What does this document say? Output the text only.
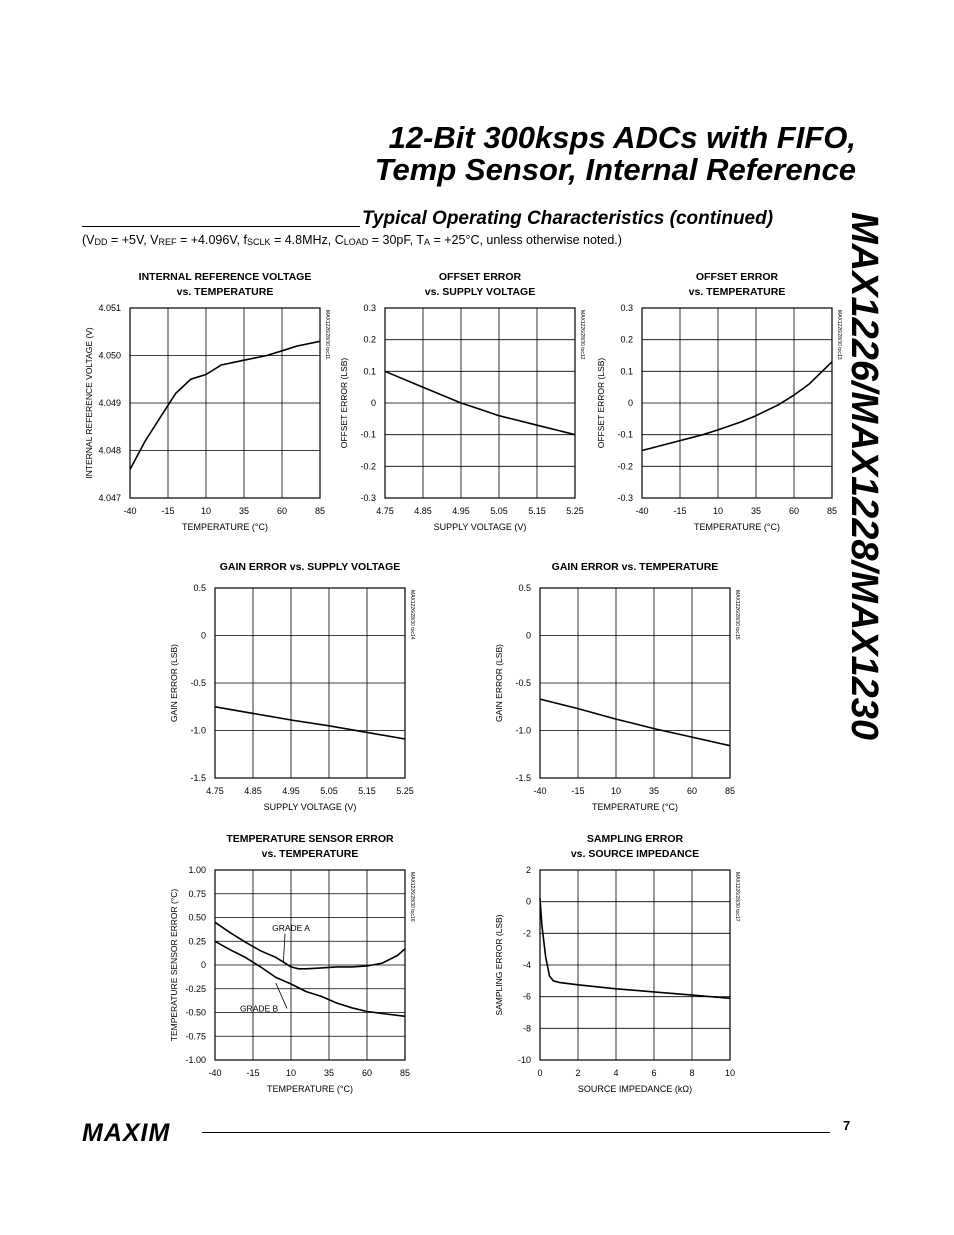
12-Bit 300ksps ADCs with FIFO,
Temp Sensor, Internal Reference
MAX1226/MAX1228/MAX1230
Typical Operating Characteristics (continued)
($V_{DD} = +5V$, $V_{REF} = +4.096V$, $f_{SCLK} = 4.8MHz$, $C_{LOAD} = 30pF$, $T_A = +25^\circ C$, unless otherwise noted.)
-40	-15	10	35	60	85
4.051
4.050
4.049
4.048
4.047
INTERNAL REFERENCE VOLTAGE
vs. TEMPERATURE
TEMPERATURE (°C)
INTERNAL REFERENCE VOLTAGE (V)	MAX1226/28/30 toc11
4.75 4.85 4.95 5.05 5.15 5.25
0.3
0.2
0.1
0
-0.1
-0.2
-0.3
OFFSET ERROR
vs. SUPPLY VOLTAGE
SUPPLY VOLTAGE (V)
OFFSET ERROR (LSB)
MAX1226/28/30 toc12
-40	-15	10	35	60	85
0.3
0.2
0.1
0
-0.1
-0.2
-0.3
OFFSET ERROR
vs. TEMPERATURE
TEMPERATURE (°C)
OFFSET ERROR (LSB)
MAX1226/28/30 toc13
4.75 4.85 4.95 5.05 5.15 5.25
0.5
0
-0.5
-1.0
-1.5
GAIN ERROR vs. SUPPLY VOLTAGE
SUPPLY VOLTAGE (V)
GAIN ERROR (LSB)
MAX1226/28/30 toc14
-40	-15	10	35	60	85
0.5
0
-0.5
-1.0
-1.5
GAIN ERROR vs. TEMPERATURE
TEMPERATURE (°C)
GAIN ERROR (LSB)
MAX1226/28/30 toc15
-40	-15	10	35	60	85
1.00
0.75
0.50
0.25
0
-0.25
-0.50
-0.75
-1.00
TEMPERATURE SENSOR ERROR
vs. TEMPERATURE
TEMPERATURE (°C)
TEMPERATURE SENSOR ERROR (°C)	MAX1226/28/30 toc16
GRADE A
GRADE B
0	2	4	6	8	10
2
0
-2
-4
-6
-8
-10
SAMPLING ERROR
vs. SOURCE IMPEDANCE
SOURCE IMPEDANCE (kΩ)
SAMPLING ERROR (LSB)
MAX1226/28/30 toc17
MAXIM	7
